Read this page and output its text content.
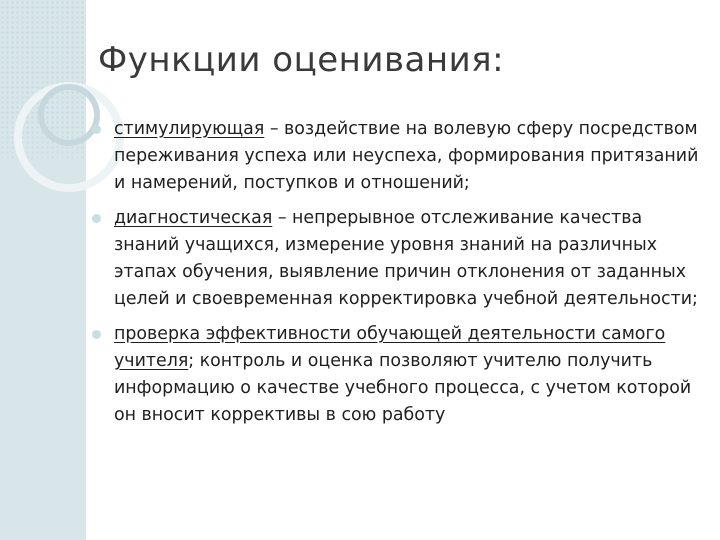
Функции оценивания:
стимулирующая – воздействие на волевую сферу посредством переживания успеха или неуспеха, формирования притязаний и намерений, поступков и отношений;
диагностическая – непрерывное отслеживание качества знаний учащихся, измерение уровня знаний на различных этапах обучения, выявление причин отклонения от заданных целей и своевременная корректировка учебной деятельности;
проверка эффективности обучающей деятельности самого учителя; контроль и оценка позволяют учителю получить информацию о качестве учебного процесса, с учетом которой он вносит коррективы в сою работу
